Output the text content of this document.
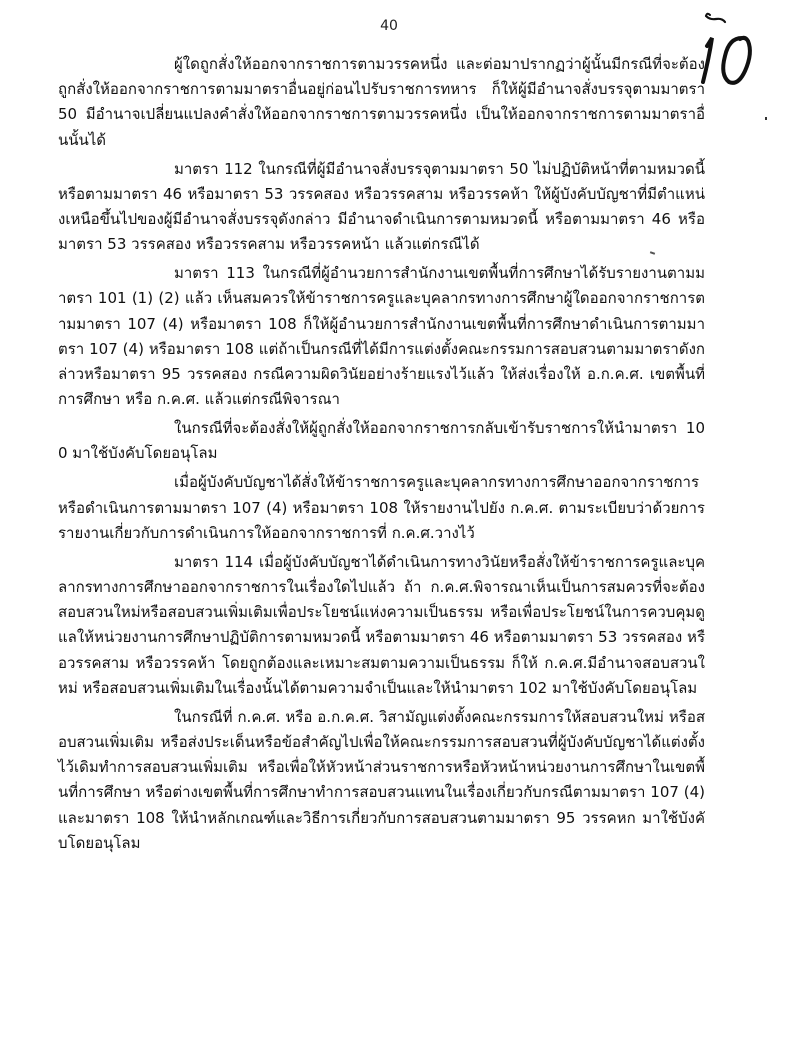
40

ผู้ใดถูกสั่งให้ออกจากราชการตามวรรคหนึ่ง และต่อมาปรากฏว่าผู้นั้นมีกรณีที่จะต้องถูกสั่งให้ออกจากราชการตามมาตราอื่นอยู่ก่อนไปรับราชการทหาร ก็ให้ผู้มีอำนาจสั่งบรรจุตามมาตรา 50 มีอำนาจเปลี่ยนแปลงคำสั่งให้ออกจากราชการตามวรรคหนึ่ง เป็นให้ออกจากราชการตามมาตราอื่นนั้นได้

มาตรา 112 ในกรณีที่ผู้มีอำนาจสั่งบรรจุตามมาตรา 50 ไม่ปฏิบัติหน้าที่ตามหมวดนี้ หรือตามมาตรา 46 หรือมาตรา 53 วรรคสอง หรือวรรคสาม หรือวรรคห้า ให้ผู้บังคับบัญชาที่มีตำแหน่งเหนือขึ้นไปของผู้มีอำนาจสั่งบรรจุดังกล่าว มีอำนาจดำเนินการตามหมวดนี้ หรือตามมาตรา 46 หรือมาตรา 53 วรรคสอง หรือวรรคสาม หรือวรรคหน้า แล้วแต่กรณีได้

มาตรา 113 ในกรณีที่ผู้อำนวยการสำนักงานเขตพื้นที่การศึกษาได้รับรายงานตามมาตรา 101 (1) (2) แล้ว เห็นสมควรให้ข้าราชการครูและบุคลากรทางการศึกษาผู้ใดออกจากราชการตามมาตรา 107 (4) หรือมาตรา 108 ก็ให้ผู้อำนวยการสำนักงานเขตพื้นที่การศึกษาดำเนินการตามมาตรา 107 (4) หรือมาตรา 108 แต่ถ้าเป็นกรณีที่ได้มีการแต่งตั้งคณะกรรมการสอบสวนตามมาตราดังกล่าวหรือมาตรา 95 วรรคสอง กรณีความผิดวินัยอย่างร้ายแรงไว้แล้ว ให้ส่งเรื่องให้ อ.ก.ค.ศ. เขตพื้นที่การศึกษา หรือ ก.ค.ศ. แล้วแต่กรณีพิจารณา

ในกรณีที่จะต้องสั่งให้ผู้ถูกสั่งให้ออกจากราชการกลับเข้ารับราชการให้นำมาตรา 100 มาใช้บังคับโดยอนุโลม

เมื่อผู้บังคับบัญชาได้สั่งให้ข้าราชการครูและบุคลากรทางการศึกษาออกจากราชการหรือดำเนินการตามมาตรา 107 (4) หรือมาตรา 108 ให้รายงานไปยัง ก.ค.ศ. ตามระเบียบว่าด้วยการรายงานเกี่ยวกับการดำเนินการให้ออกจากราชการที่ ก.ค.ศ.วางไว้

มาตรา 114 เมื่อผู้บังคับบัญชาได้ดำเนินการทางวินัยหรือสั่งให้ข้าราชการครูและบุคลากรทางการศึกษาออกจากราชการในเรื่องใดไปแล้ว ถ้า ก.ค.ศ.พิจารณาเห็นเป็นการสมควรที่จะต้องสอบสวนใหม่หรือสอบสวนเพิ่มเติมเพื่อประโยชน์แห่งความเป็นธรรม หรือเพื่อประโยชน์ในการควบคุมดูแลให้หน่วยงานการศึกษาปฏิบัติการตามหมวดนี้ หรือตามมาตรา 46 หรือตามมาตรา 53 วรรคสอง หรือวรรคสาม หรือวรรคห้า โดยถูกต้องและเหมาะสมตามความเป็นธรรม ก็ให้ ก.ค.ศ.มีอำนาจสอบสวนใหม่ หรือสอบสวนเพิ่มเติมในเรื่องนั้นได้ตามความจำเป็นและให้นำมาตรา 102 มาใช้บังคับโดยอนุโลม

ในกรณีที่ ก.ค.ศ. หรือ อ.ก.ค.ศ. วิสามัญแต่งตั้งคณะกรรมการให้สอบสวนใหม่ หรือสอบสวนเพิ่มเติม หรือส่งประเด็นหรือข้อสำคัญไปเพื่อให้คณะกรรมการสอบสวนที่ผู้บังคับบัญชาได้แต่งตั้งไว้เดิมทำการสอบสวนเพิ่มเติม หรือเพื่อให้หัวหน้าส่วนราชการหรือหัวหน้าหน่วยงานการศึกษาในเขตพื้นที่การศึกษา หรือต่างเขตพื้นที่การศึกษาทำการสอบสวนแทนในเรื่องเกี่ยวกับกรณีตามมาตรา 107 (4) และมาตรา 108 ให้นำหลักเกณฑ์และวิธีการเกี่ยวกับการสอบสวนตามมาตรา 95 วรรคหก มาใช้บังคับโดยอนุโลม
